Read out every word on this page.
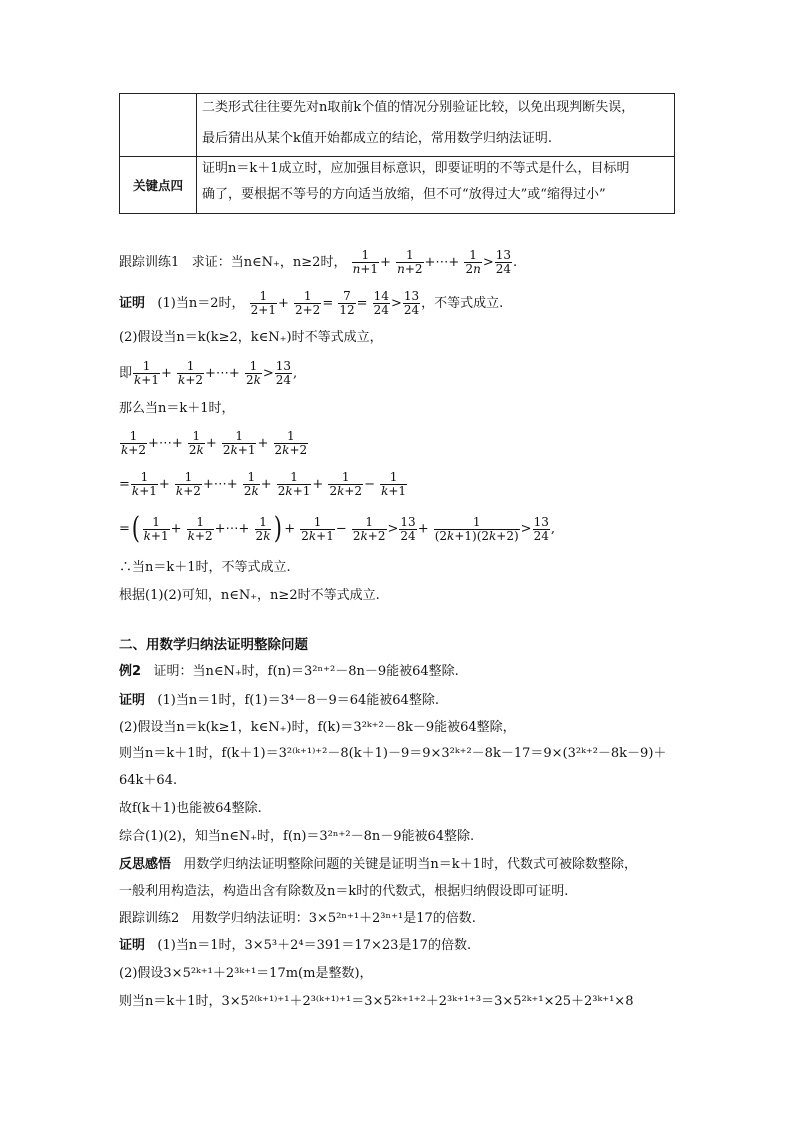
二类形式往往要先对n取前k个值的情况分别验证比较，以免出现判断失误，
最后猜出从某个k值开始都成立的结论，常用数学归纳法证明.
关键点四
证明n＝k＋1成立时，应加强目标意识，即要证明的不等式是什么，目标明
确了，要根据不等号的方向适当放缩，但不可“放得过大”或“缩得过小”
跟踪训练1 求证：当n∈N₊，n≥2时， $\frac{1}{n+1} + \frac{1}{n+2}$ +⋯+ $\frac{1}{2n} > \frac{13}{24}$ .
证明 (1)当n＝2时， $\frac{1}{2+1} + \frac{1}{2+2} = \frac{7}{12} = \frac{14}{24} > \frac{13}{24}$ ，不等式成立.
(2)假设当n＝k(k≥2，k∈N₊)时不等式成立，
即 $\frac{1}{k+1} + \frac{1}{k+2}$ +⋯+ $\frac{1}{2k} > \frac{13}{24}$ ,
那么当n＝k＋1时，
$\frac{1}{k+2}$ +⋯+ $\frac{1}{2k} + \frac{1}{2k+1} + \frac{1}{2k+2}$
= $\frac{1}{k+1} + \frac{1}{k+2}$ +⋯+ $\frac{1}{2k} + \frac{1}{2k+1} + \frac{1}{2k+2} - \frac{1}{k+1}$
=( $\frac{1}{k+1} + \frac{1}{k+2}$ +⋯+ $\frac{1}{2k}$ ) + $\frac{1}{2k+1} - \frac{1}{2k+2} > \frac{13}{24} + \frac{1}{(2k+1)(2k+2)} > \frac{13}{24}$ ,
∴当n＝k＋1时，不等式成立.
根据(1)(2)可知，n∈N₊，n≥2时不等式成立.
二、用数学归纳法证明整除问题
例2 证明：当n∈N₊时，f(n)＝3²ⁿ⁺²－8n－9能被64整除.
证明 (1)当n＝1时，f(1)＝3⁴－8－9＝64能被64整除.
(2)假设当n＝k(k≥1，k∈N₊)时，f(k)＝3²ᵏ⁺²－8k－9能被64整除，
则当n＝k＋1时，f(k＋1)＝3²⁽ᵏ⁺¹⁾⁺²－8(k＋1)－9＝9×3²ᵏ⁺²－8k－17＝9×(3²ᵏ⁺²－8k－9)＋
64k＋64.
故f(k＋1)也能被64整除.
综合(1)(2)，知当n∈N₊时，f(n)＝3²ⁿ⁺²－8n－9能被64整除.
反思感悟 用数学归纳法证明整除问题的关键是证明当n＝k＋1时，代数式可被除数整除，
一般利用构造法，构造出含有除数及n＝k时的代数式，根据归纳假设即可证明.
跟踪训练2 用数学归纳法证明：3×5²ⁿ⁺¹＋2³ⁿ⁺¹是17的倍数.
证明 (1)当n＝1时，3×5³＋2⁴＝391＝17×23是17的倍数.
(2)假设3×5²ᵏ⁺¹＋2³ᵏ⁺¹＝17m(m是整数)，
则当n＝k＋1时，3×5²⁽ᵏ⁺¹⁾⁺¹＋2³⁽ᵏ⁺¹⁾⁺¹＝3×5²ᵏ⁺¹⁺²＋2³ᵏ⁺¹⁺³＝3×5²ᵏ⁺¹×25＋2³ᵏ⁺¹×8
